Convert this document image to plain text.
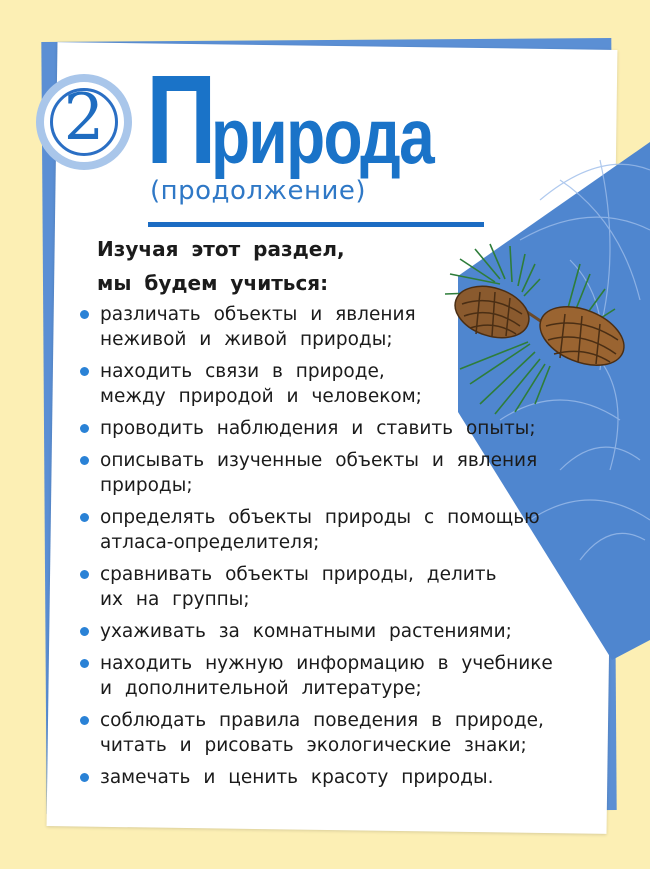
2 Природа
(продолжение)
Изучая этот раздел,
мы будем учиться:
различать объекты и явления
неживой и живой природы;
находить связи в природе,
между природой и человеком;
проводить наблюдения и ставить опыты;
описывать изученные объекты и явления
природы;
определять объекты природы с помощью
атласа-определителя;
сравнивать объекты природы, делить
их на группы;
ухаживать за комнатными растениями;
находить нужную информацию в учебнике
и дополнительной литературе;
соблюдать правила поведения в природе,
читать и рисовать экологические знаки;
замечать и ценить красоту природы.
